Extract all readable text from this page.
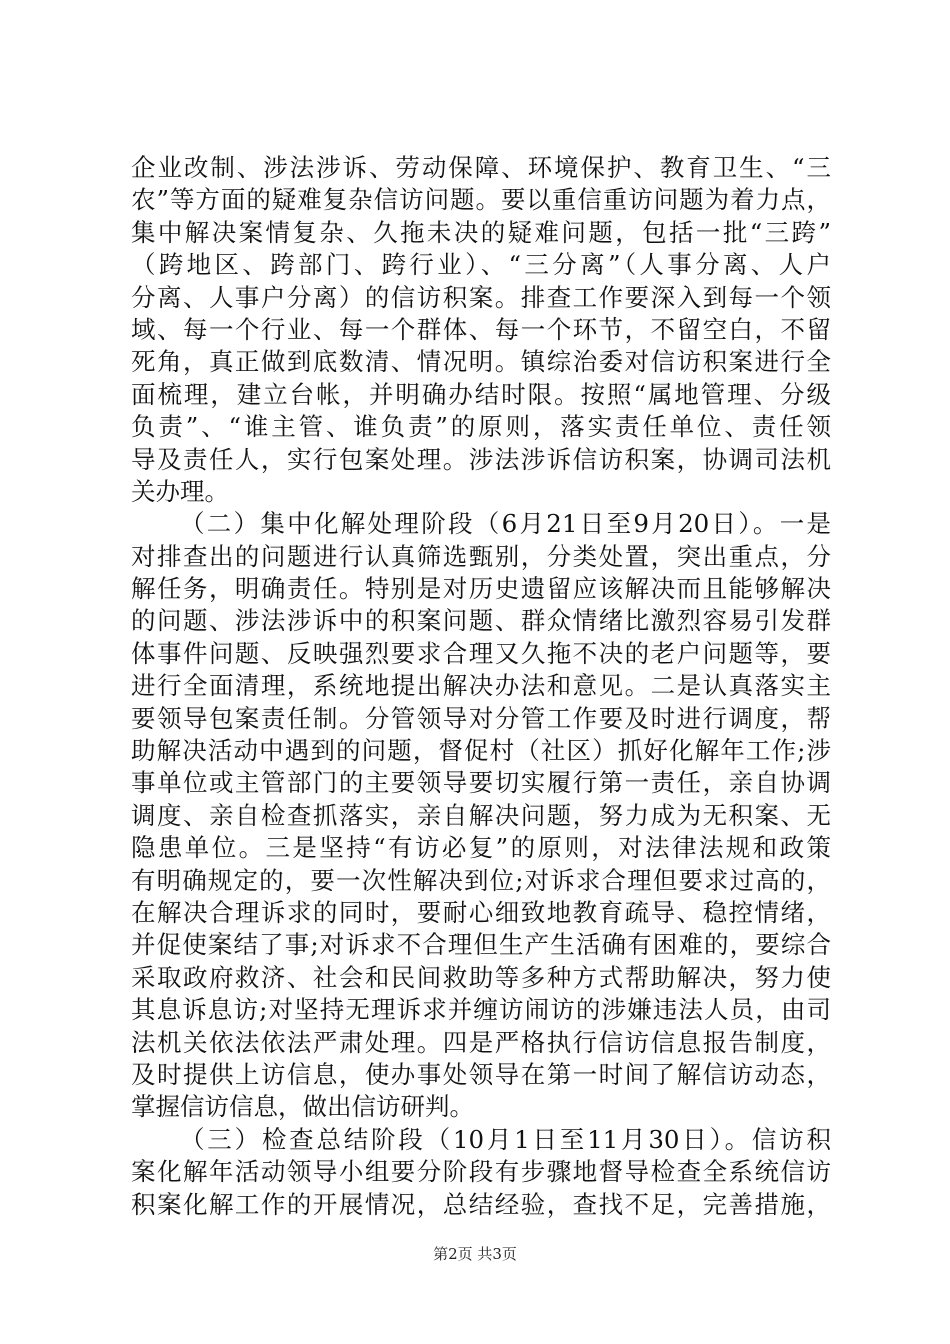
企业改制、涉法涉诉、劳动保障、环境保护、教育卫生、“三
农”等方面的疑难复杂信访问题。要以重信重访问题为着力点，
集中解决案情复杂、久拖未决的疑难问题，包括一批“三跨”
（跨地区、跨部门、跨行业）、“三分离”（人事分离、人户
分离、人事户分离）的信访积案。排查工作要深入到每一个领
域、每一个行业、每一个群体、每一个环节，不留空白，不留
死角，真正做到底数清、情况明。镇综治委对信访积案进行全
面梳理，建立台帐，并明确办结时限。按照“属地管理、分级
负责”、“谁主管、谁负责”的原则，落实责任单位、责任领
导及责任人，实行包案处理。涉法涉诉信访积案，协调司法机
关办理。
（二）集中化解处理阶段（6月21日至9月20日）。一是
对排查出的问题进行认真筛选甄别，分类处置，突出重点，分
解任务，明确责任。特别是对历史遗留应该解决而且能够解决
的问题、涉法涉诉中的积案问题、群众情绪比激烈容易引发群
体事件问题、反映强烈要求合理又久拖不决的老户问题等，要
进行全面清理，系统地提出解决办法和意见。二是认真落实主
要领导包案责任制。分管领导对分管工作要及时进行调度，帮
助解决活动中遇到的问题，督促村（社区）抓好化解年工作;涉
事单位或主管部门的主要领导要切实履行第一责任，亲自协调
调度、亲自检查抓落实，亲自解决问题，努力成为无积案、无
隐患单位。三是坚持“有访必复”的原则，对法律法规和政策
有明确规定的，要一次性解决到位;对诉求合理但要求过高的，
在解决合理诉求的同时，要耐心细致地教育疏导、稳控情绪，
并促使案结了事;对诉求不合理但生产生活确有困难的，要综合
采取政府救济、社会和民间救助等多种方式帮助解决，努力使
其息诉息访;对坚持无理诉求并缠访闹访的涉嫌违法人员，由司
法机关依法依法严肃处理。四是严格执行信访信息报告制度，
及时提供上访信息，使办事处领导在第一时间了解信访动态，
掌握信访信息，做出信访研判。
（三）检查总结阶段（10月1日至11月30日）。信访积
案化解年活动领导小组要分阶段有步骤地督导检查全系统信访
积案化解工作的开展情况，总结经验，查找不足，完善措施，
第2页 共3页
